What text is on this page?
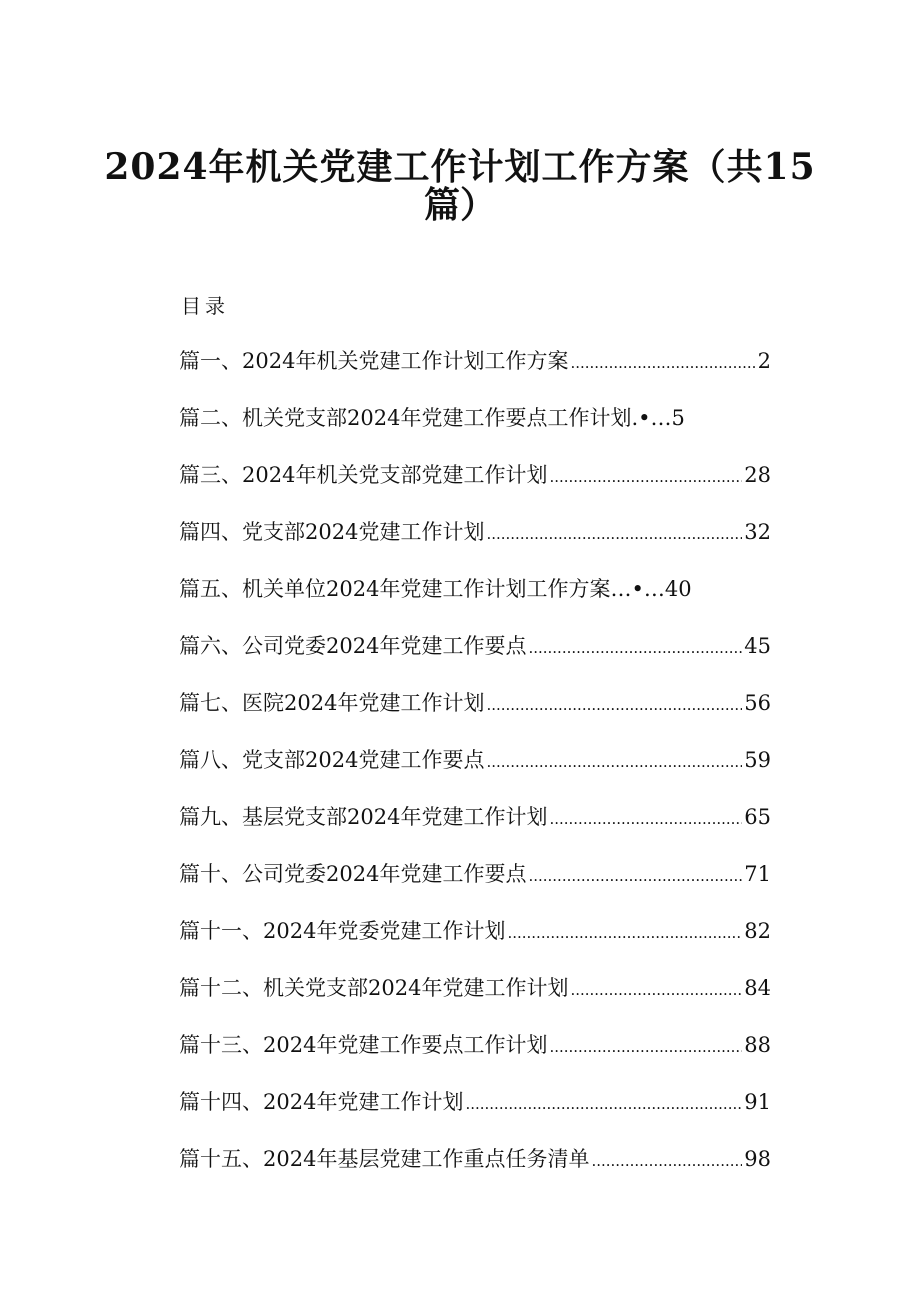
2024年机关党建工作计划工作方案（共15
篇）
目录
篇一、2024年机关党建工作计划工作方案 .....	2
篇二、机关党支部2024年党建工作要点工作计划.•… 5
篇三、2024年机关党支部党建工作计划 .....	28
篇四、党支部2024党建工作计划 .....	32
篇五、机关单位2024年党建工作计划工作方案…•… 40
篇六、公司党委2024年党建工作要点 .....	45
篇七、医院2024年党建工作计划 .....	56
篇八、党支部2024党建工作要点 .....	59
篇九、基层党支部2024年党建工作计划 .....	65
篇十、公司党委2024年党建工作要点 .....	71
篇十一、2024年党委党建工作计划 .....	82
篇十二、机关党支部2024年党建工作计划 .....	84
篇十三、2024年党建工作要点工作计划 .....	88
篇十四、2024年党建工作计划 .....	91
篇十五、2024年基层党建工作重点任务清单 .....	98
